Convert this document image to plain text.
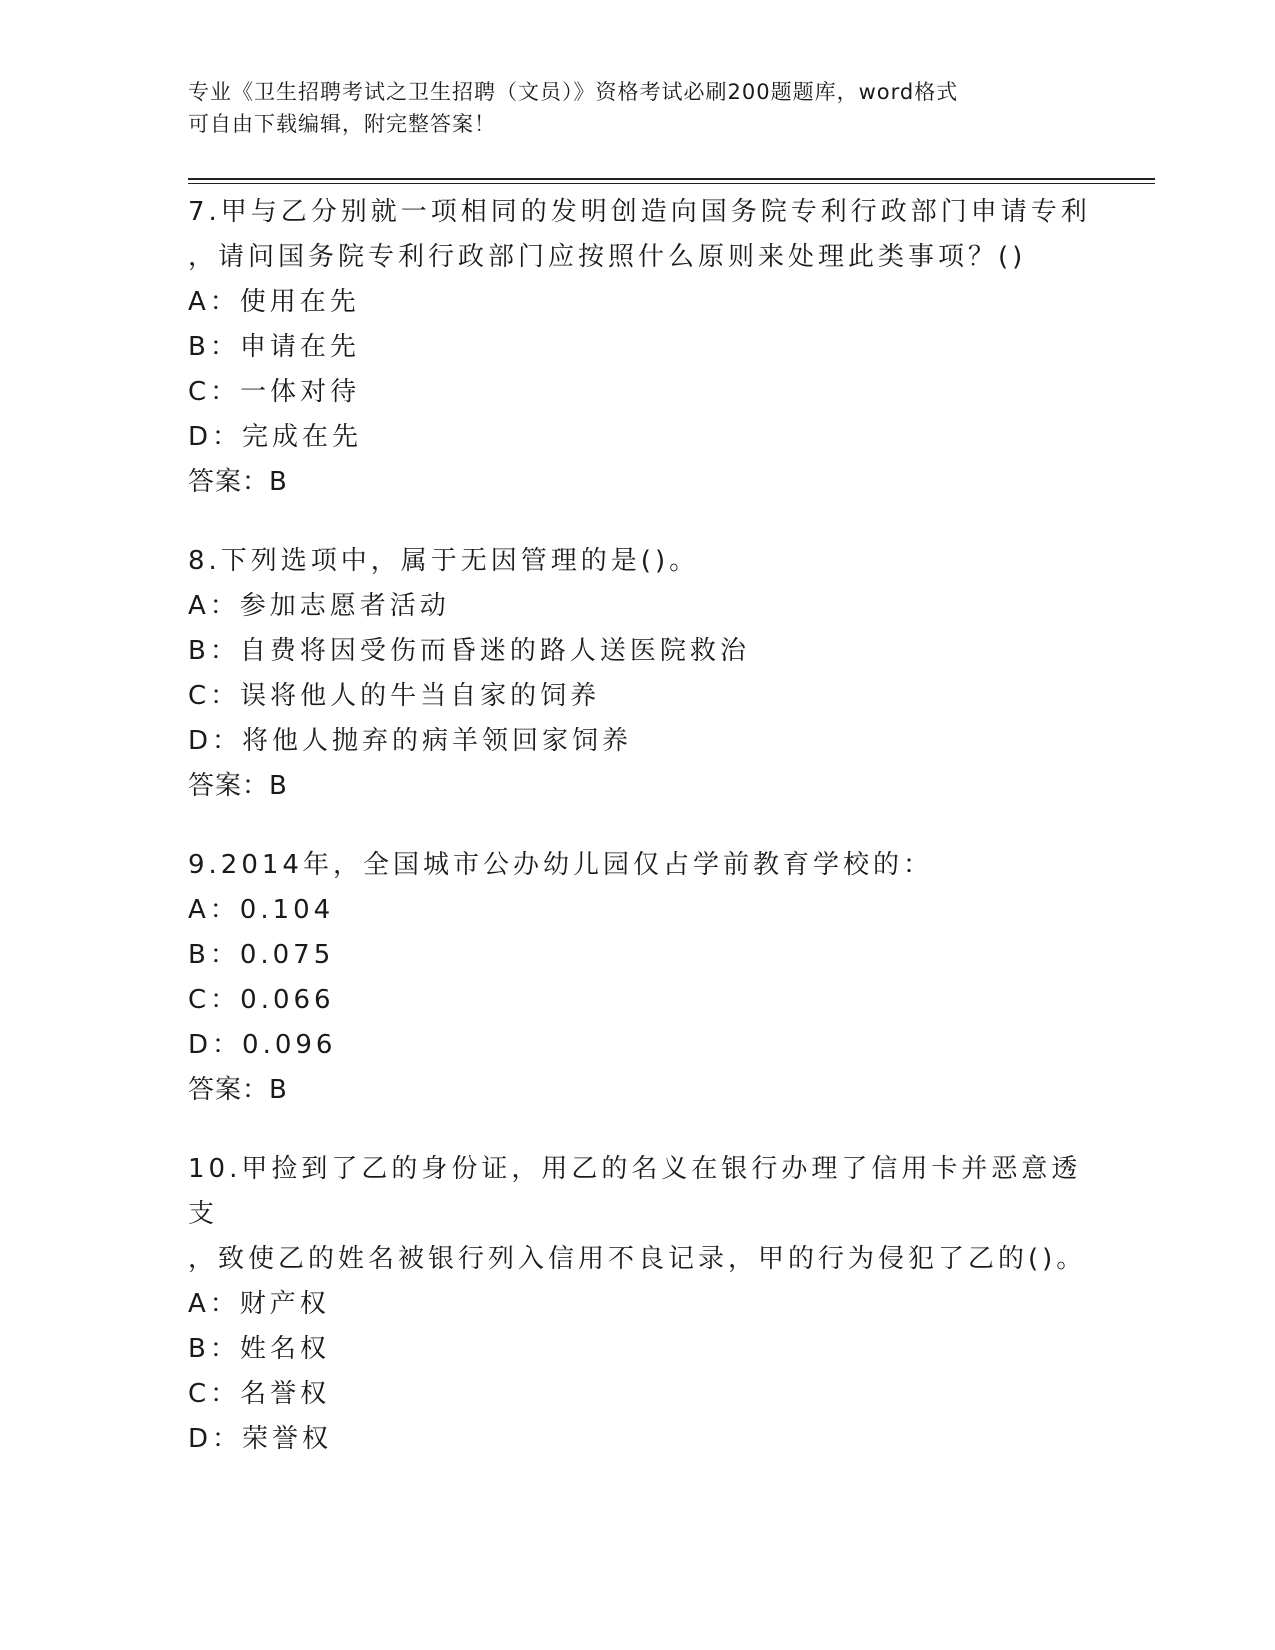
专业《卫生招聘考试之卫生招聘（文员）》资格考试必刷200题题库，word格式
可自由下载编辑，附完整答案！
7.甲与乙分别就一项相同的发明创造向国务院专利行政部门申请专利
，请问国务院专利行政部门应按照什么原则来处理此类事项？()
A：使用在先
B：申请在先
C：一体对待
D：完成在先
答案：B
8.下列选项中，属于无因管理的是()。
A：参加志愿者活动
B：自费将因受伤而昏迷的路人送医院救治
C：误将他人的牛当自家的饲养
D：将他人抛弃的病羊领回家饲养
答案：B
9.2014年，全国城市公办幼儿园仅占学前教育学校的：
A：0.104
B：0.075
C：0.066
D：0.096
答案：B
10.甲捡到了乙的身份证，用乙的名义在银行办理了信用卡并恶意透支
，致使乙的姓名被银行列入信用不良记录，甲的行为侵犯了乙的()。
A：财产权
B：姓名权
C：名誉权
D：荣誉权
